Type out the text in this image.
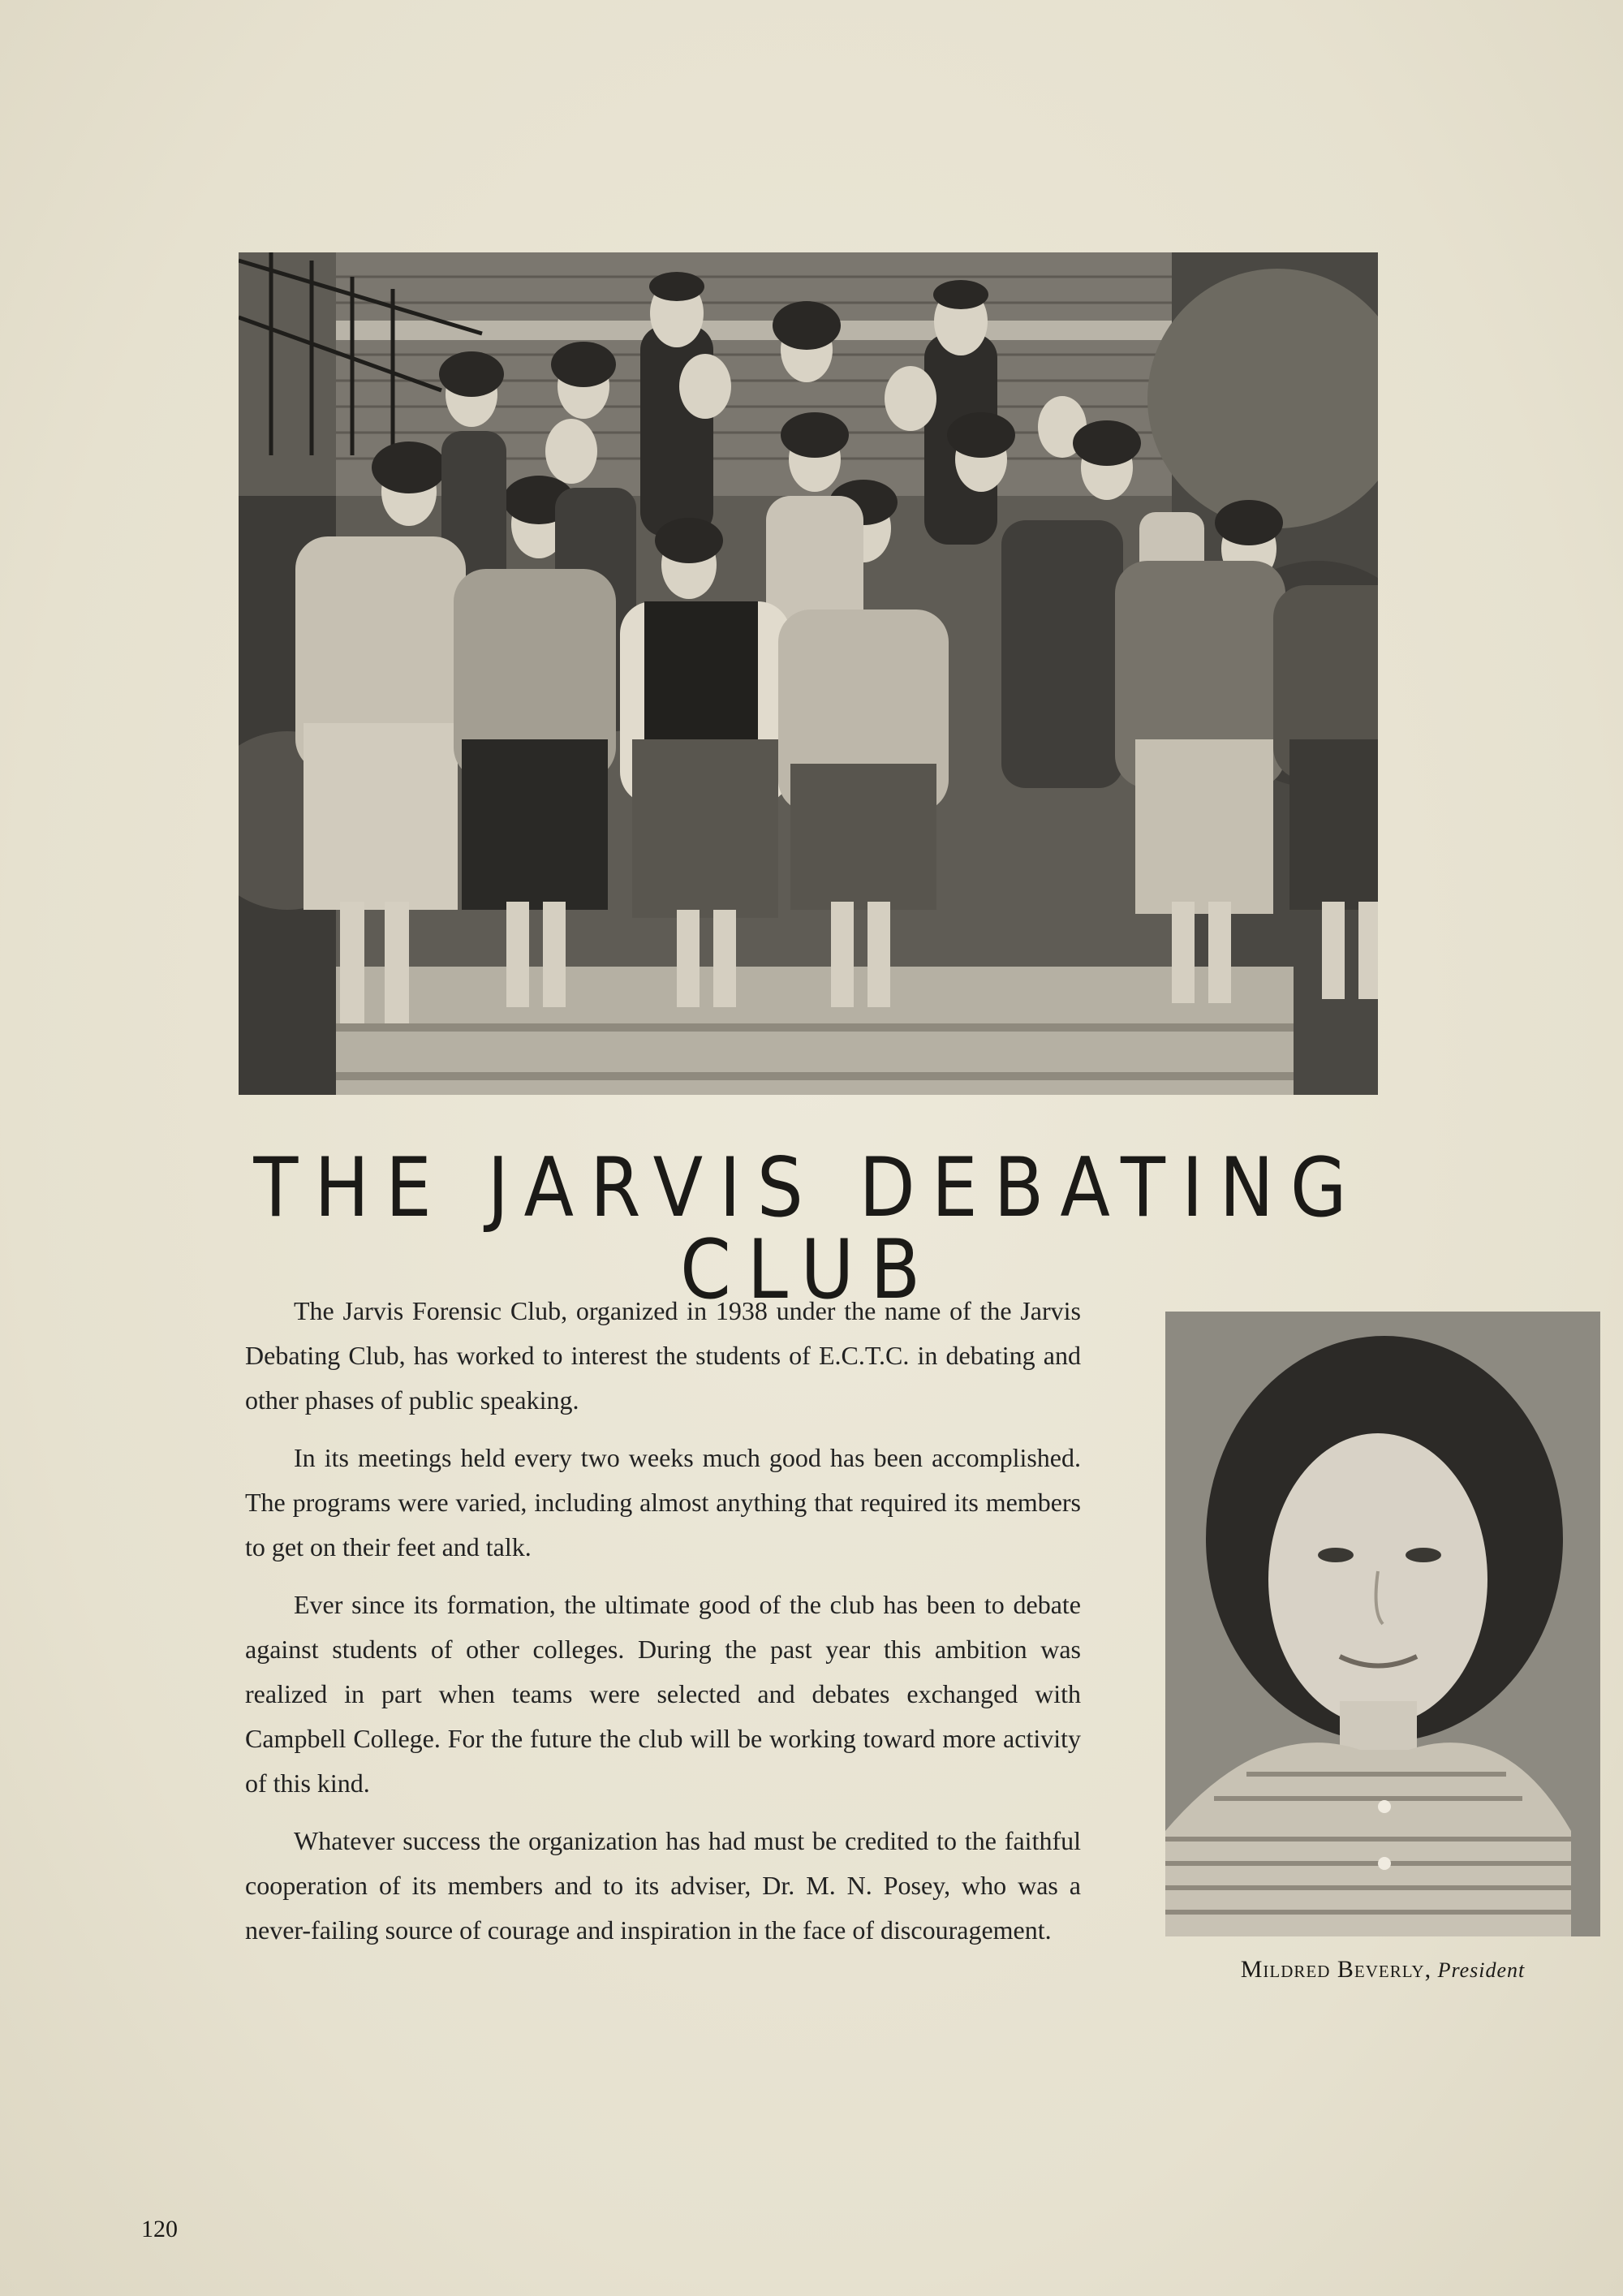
THE JARVIS DEBATING CLUB

The Jarvis Forensic Club, organized in 1938 under the name of the Jarvis Debating Club, has worked to interest the students of E.C.T.C. in debating and other phases of public speaking.

In its meetings held every two weeks much good has been accomplished. The programs were varied, including almost anything that required its members to get on their feet and talk.

Ever since its formation, the ultimate good of the club has been to debate against students of other colleges. During the past year this ambition was realized in part when teams were selected and debates exchanged with Campbell College. For the future the club will be working toward more activity of this kind.

Whatever success the organization has had must be credited to the faithful cooperation of its members and to its adviser, Dr. M. N. Posey, who was a never-failing source of courage and inspiration in the face of discouragement.

Mildred Beverly, President
120
